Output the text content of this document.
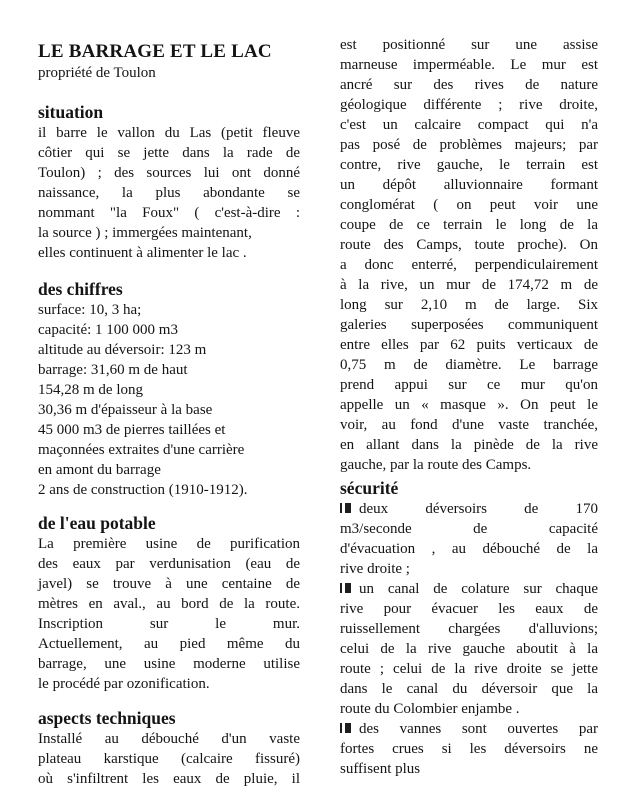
LE BARRAGE ET LE LAC
propriété de Toulon
situation
il barre le vallon du Las (petit fleuve
côtier qui se jette dans la rade de
Toulon) ; des sources lui ont donné
naissance, la plus abondante se
nommant "la Foux" ( c'est-à-dire :
la source ) ; immergées maintenant,
elles continuent à alimenter le lac .
des chiffres
surface: 10, 3 ha;
capacité: 1 100 000 m3
altitude au déversoir: 123 m
barrage: 31,60 m de haut
154,28 m de long
30,36 m d'épaisseur à la base
45 000 m3 de pierres taillées et
maçonnées extraites d'une carrière
en amont du barrage
2 ans de construction (1910-1912).
de l'eau potable
La première usine de purification
des eaux par verdunisation (eau de
javel) se trouve à une centaine de
mètres en aval., au bord de la route.
Inscription sur le mur.
Actuellement, au pied même du
barrage, une usine moderne utilise
le procédé par ozonification.
aspects techniques
Installé au débouché d'un vaste
plateau karstique (calcaire fissuré)
où s'infiltrent les eaux de pluie, il
est positionné sur une assise
marneuse imperméable. Le mur est
ancré sur des rives de nature
géologique différente ; rive droite,
c'est un calcaire compact qui n'a
pas posé de problèmes majeurs; par
contre, rive gauche, le terrain est
un dépôt alluvionnaire formant
conglomérat ( on peut voir une
coupe de ce terrain le long de la
route des Camps, toute proche). On
a donc enterré, perpendiculairement
à la rive, un mur de 174,72 m de
long sur 2,10 m de large. Six
galeries superposées communiquent
entre elles par 62 puits verticaux de
0,75 m de diamètre. Le barrage
prend appui sur ce mur qu'on
appelle un « masque ». On peut le
voir, au fond d'une vaste tranchée,
en allant dans la pinède de la rive
gauche, par la route des Camps.
sécurité
deux déversoirs de 170
m3/seconde de capacité
d'évacuation , au débouché de la
rive droite ;
un canal de colature sur chaque
rive pour évacuer les eaux de
ruissellement chargées d'alluvions;
celui de la rive gauche aboutit à la
route ; celui de la rive droite se jette
dans le canal du déversoir que la
route du Colombier enjambe .
des vannes sont ouvertes par
fortes crues si les déversoirs ne
suffisent plus
